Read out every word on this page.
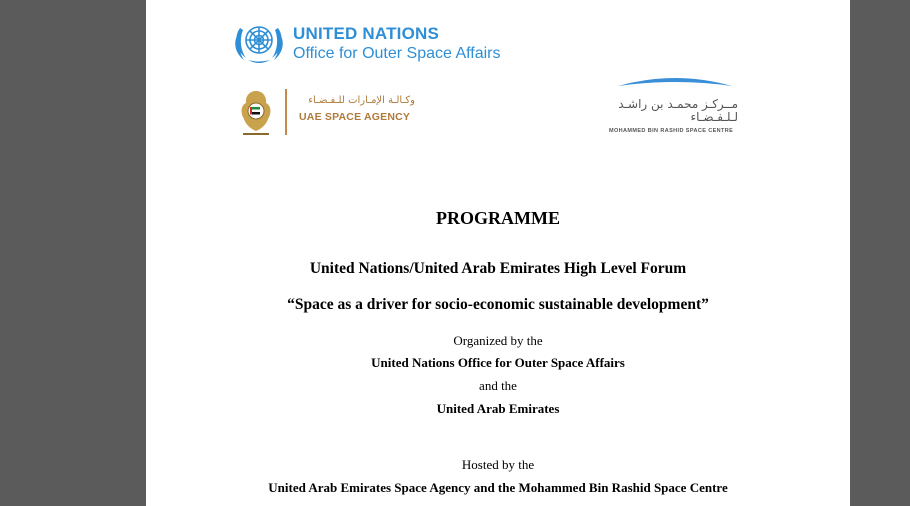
UNITED NATIONS
Office for Outer Space Affairs
وكـالـة الإمـارات للـفـضـاء
UAE SPACE AGENCY
مــركـز محمـد بن راشـد
لـلـفـضـاء
MOHAMMED BIN RASHID SPACE CENTRE
PROGRAMME
United Nations/United Arab Emirates High Level Forum
“Space as a driver for socio-economic sustainable development”
Organized by the
United Nations Office for Outer Space Affairs
and the
United Arab Emirates
Hosted by the
United Arab Emirates Space Agency and the Mohammed Bin Rashid Space Centre
